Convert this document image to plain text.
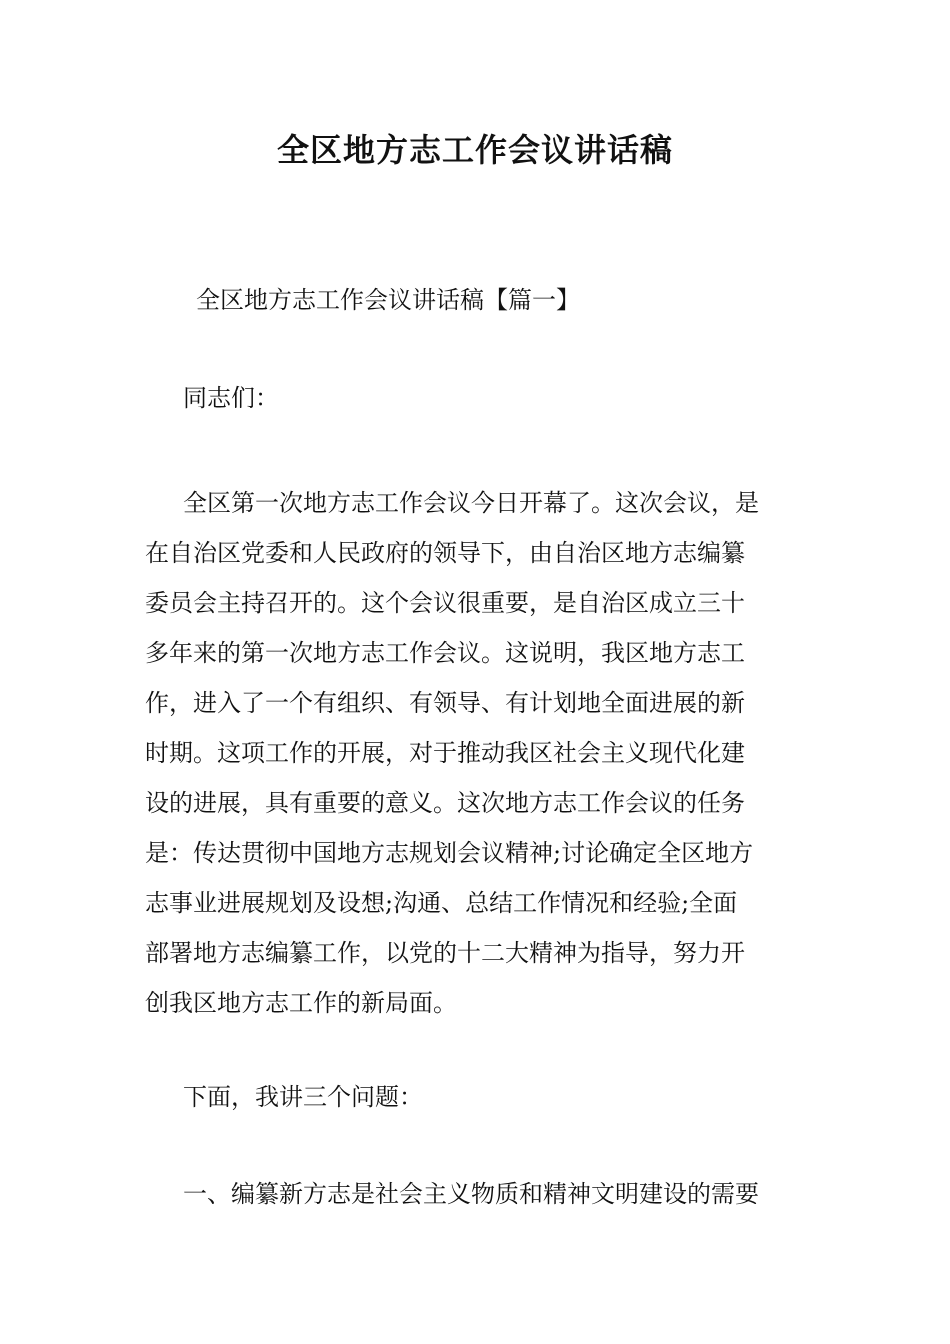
全区地方志工作会议讲话稿
全区地方志工作会议讲话稿【篇一】
同志们：
全区第一次地方志工作会议今日开幕了。这次会议，是
在自治区党委和人民政府的领导下，由自治区地方志编纂
委员会主持召开的。这个会议很重要，是自治区成立三十
多年来的第一次地方志工作会议。这说明，我区地方志工
作，进入了一个有组织、有领导、有计划地全面进展的新
时期。这项工作的开展，对于推动我区社会主义现代化建
设的进展，具有重要的意义。这次地方志工作会议的任务
是：传达贯彻中国地方志规划会议精神;讨论确定全区地方
志事业进展规划及设想;沟通、总结工作情况和经验;全面
部署地方志编纂工作，以党的十二大精神为指导，努力开
创我区地方志工作的新局面。
下面，我讲三个问题：
一、编纂新方志是社会主义物质和精神文明建设的需要
